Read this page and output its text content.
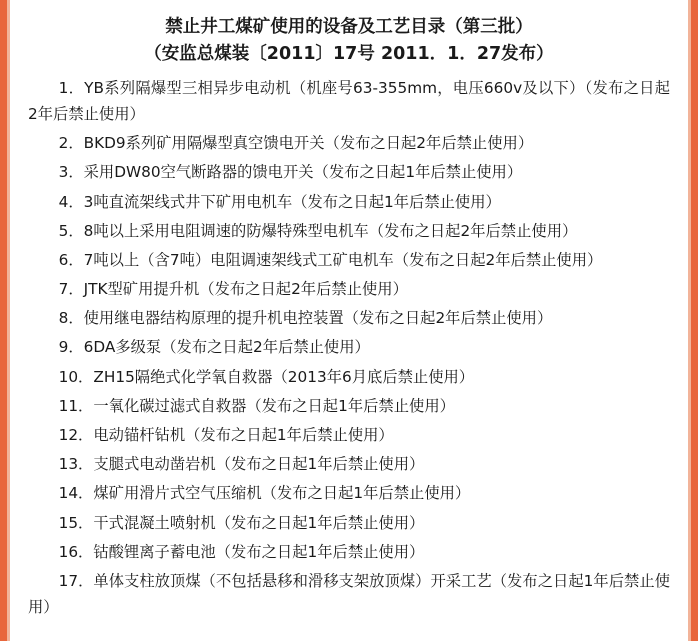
禁止井工煤矿使用的设备及工艺目录（第三批）
（安监总煤装〔2011〕17号 2011．1．27发布）
1．YB系列隔爆型三相异步电动机（机座号63-355mm，电压660v及以下）（发布之日起2年后禁止使用）
2．BKD9系列矿用隔爆型真空馈电开关（发布之日起2年后禁止使用）
3．采用DW80空气断路器的馈电开关（发布之日起1年后禁止使用）
4．3吨直流架线式井下矿用电机车（发布之日起1年后禁止使用）
5．8吨以上采用电阻调速的防爆特殊型电机车（发布之日起2年后禁止使用）
6．7吨以上（含7吨）电阻调速架线式工矿电机车（发布之日起2年后禁止使用）
7．JTK型矿用提升机（发布之日起2年后禁止使用）
8．使用继电器结构原理的提升机电控装置（发布之日起2年后禁止使用）
9．6DA多级泵（发布之日起2年后禁止使用）
10．ZH15隔绝式化学氧自救器（2013年6月底后禁止使用）
11．一氧化碳过滤式自救器（发布之日起1年后禁止使用）
12．电动锚杆钻机（发布之日起1年后禁止使用）
13．支腿式电动凿岩机（发布之日起1年后禁止使用）
14．煤矿用滑片式空气压缩机（发布之日起1年后禁止使用）
15．干式混凝土喷射机（发布之日起1年后禁止使用）
16．钴酸锂离子蓄电池（发布之日起1年后禁止使用）
17．单体支柱放顶煤（不包括悬移和滑移支架放顶煤）开采工艺（发布之日起1年后禁止使用）
